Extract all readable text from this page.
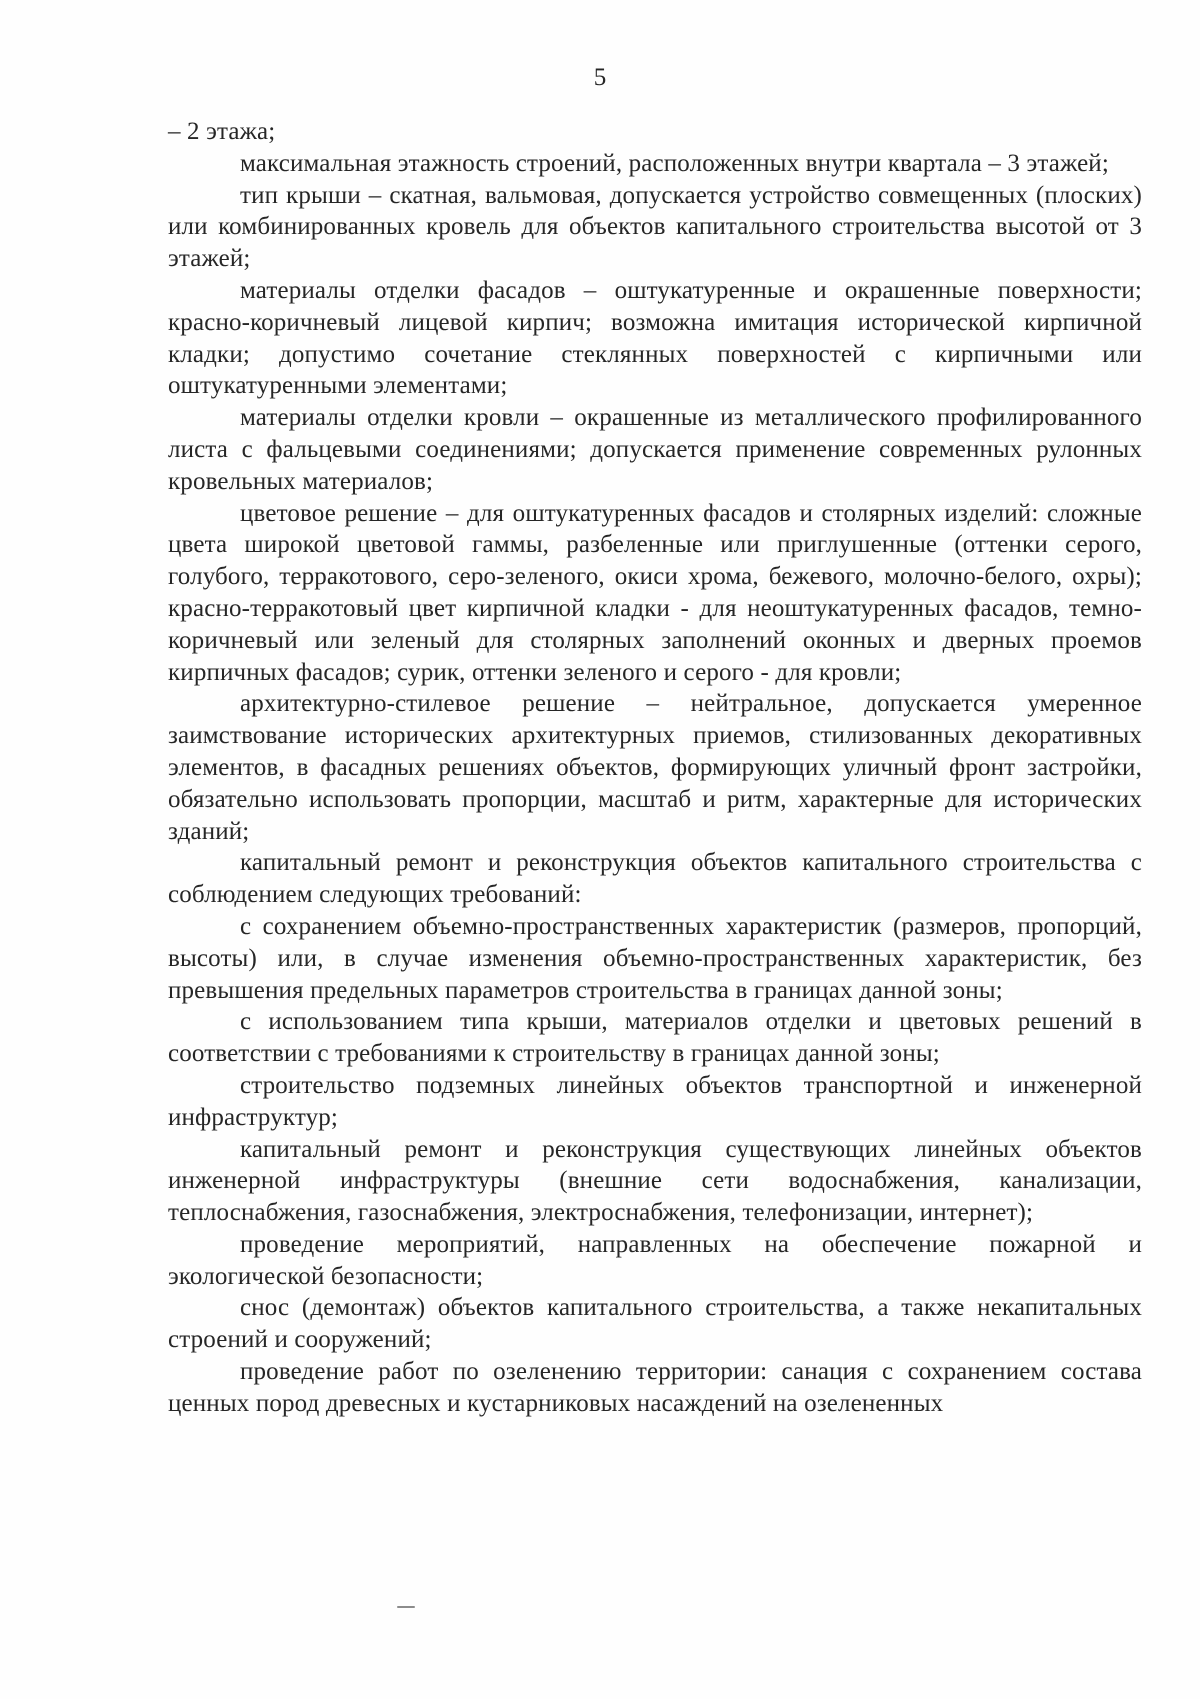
5

– 2 этажа;

максимальная этажность строений, расположенных внутри квартала – 3 этажей;

тип крыши – скатная, вальмовая, допускается устройство совмещенных (плоских) или комбинированных кровель для объектов капитального строительства высотой от 3 этажей;

материалы отделки фасадов – оштукатуренные и окрашенные поверхности; красно-коричневый лицевой кирпич; возможна имитация исторической кирпичной кладки; допустимо сочетание стеклянных поверхностей с кирпичными или оштукатуренными элементами;

материалы отделки кровли – окрашенные из металлического профилированного листа с фальцевыми соединениями; допускается применение современных рулонных кровельных материалов;

цветовое решение – для оштукатуренных фасадов и столярных изделий: сложные цвета широкой цветовой гаммы, разбеленные или приглушенные (оттенки серого, голубого, терракотового, серо-зеленого, окиси хрома, бежевого, молочно-белого, охры); красно-терракотовый цвет кирпичной кладки - для неоштукатуренных фасадов, темно-коричневый или зеленый для столярных заполнений оконных и дверных проемов кирпичных фасадов; сурик, оттенки зеленого и серого - для кровли;

архитектурно-стилевое решение – нейтральное, допускается умеренное заимствование исторических архитектурных приемов, стилизованных декоративных элементов, в фасадных решениях объектов, формирующих уличный фронт застройки, обязательно использовать пропорции, масштаб и ритм, характерные для исторических зданий;

капитальный ремонт и реконструкция объектов капитального строительства с соблюдением следующих требований:

с сохранением объемно-пространственных характеристик (размеров, пропорций, высоты) или, в случае изменения объемно-пространственных характеристик, без превышения предельных параметров строительства в границах данной зоны;

с использованием типа крыши, материалов отделки и цветовых решений в соответствии с требованиями к строительству в границах данной зоны;

строительство подземных линейных объектов транспортной и инженерной инфраструктур;

капитальный ремонт и реконструкция существующих линейных объектов инженерной инфраструктуры (внешние сети водоснабжения, канализации, теплоснабжения, газоснабжения, электроснабжения, телефонизации, интернет);

проведение мероприятий, направленных на обеспечение пожарной и экологической безопасности;

снос (демонтаж) объектов капитального строительства, а также некапитальных строений и сооружений;

проведение работ по озеленению территории: санация с сохранением состава ценных пород древесных и кустарниковых насаждений на озелененных
